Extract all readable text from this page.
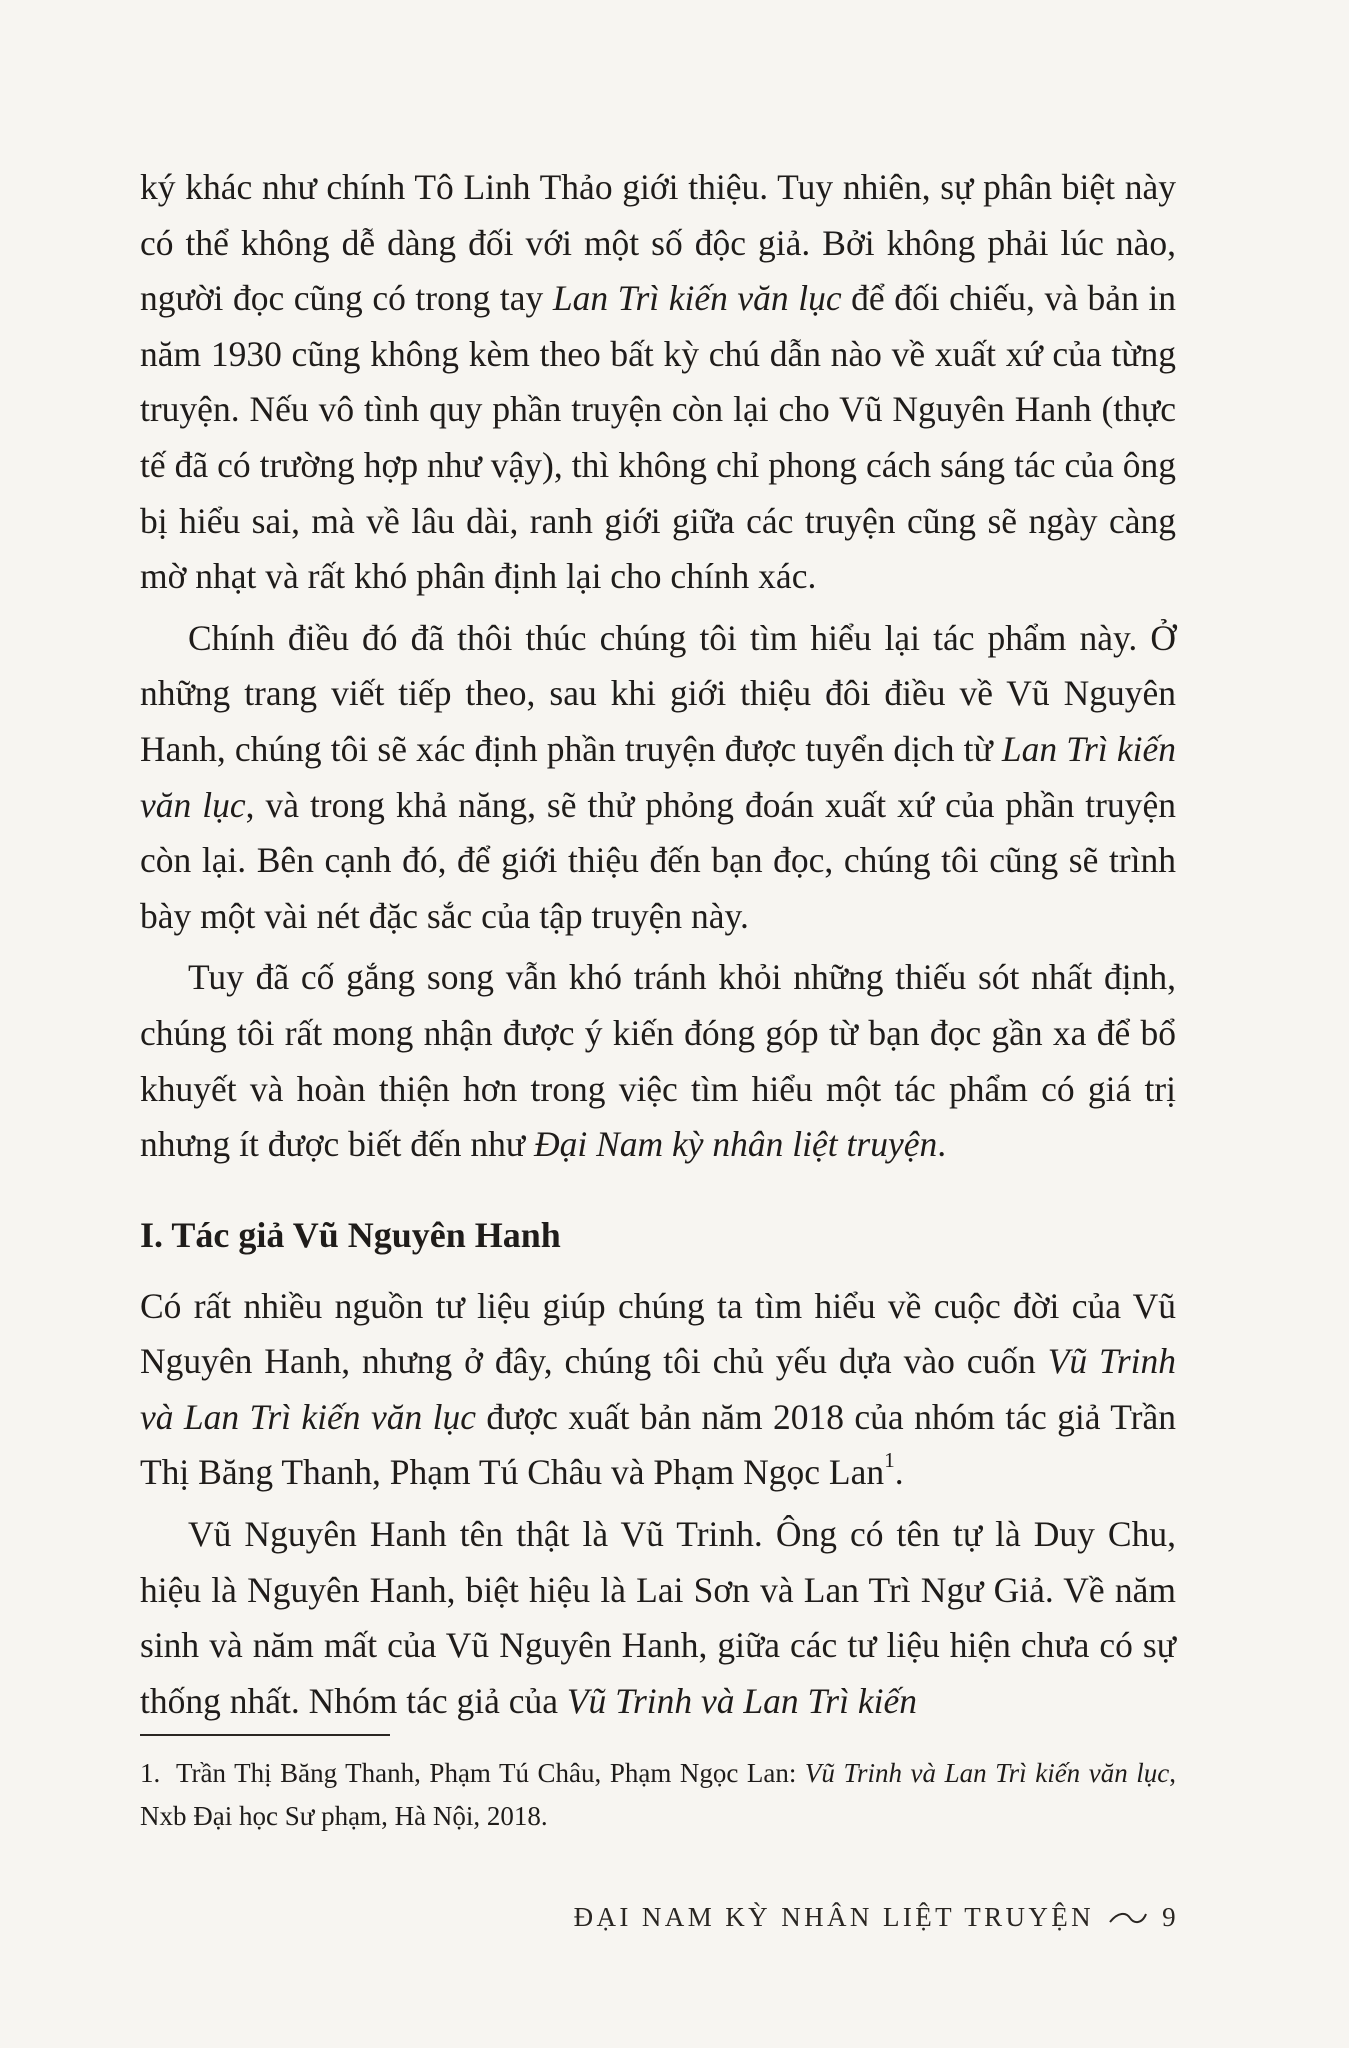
ký khác như chính Tô Linh Thảo giới thiệu. Tuy nhiên, sự phân biệt này có thể không dễ dàng đối với một số độc giả. Bởi không phải lúc nào, người đọc cũng có trong tay Lan Trì kiến văn lục để đối chiếu, và bản in năm 1930 cũng không kèm theo bất kỳ chú dẫn nào về xuất xứ của từng truyện. Nếu vô tình quy phần truyện còn lại cho Vũ Nguyên Hanh (thực tế đã có trường hợp như vậy), thì không chỉ phong cách sáng tác của ông bị hiểu sai, mà về lâu dài, ranh giới giữa các truyện cũng sẽ ngày càng mờ nhạt và rất khó phân định lại cho chính xác.

Chính điều đó đã thôi thúc chúng tôi tìm hiểu lại tác phẩm này. Ở những trang viết tiếp theo, sau khi giới thiệu đôi điều về Vũ Nguyên Hanh, chúng tôi sẽ xác định phần truyện được tuyển dịch từ Lan Trì kiến văn lục, và trong khả năng, sẽ thử phỏng đoán xuất xứ của phần truyện còn lại. Bên cạnh đó, để giới thiệu đến bạn đọc, chúng tôi cũng sẽ trình bày một vài nét đặc sắc của tập truyện này.

Tuy đã cố gắng song vẫn khó tránh khỏi những thiếu sót nhất định, chúng tôi rất mong nhận được ý kiến đóng góp từ bạn đọc gần xa để bổ khuyết và hoàn thiện hơn trong việc tìm hiểu một tác phẩm có giá trị nhưng ít được biết đến như Đại Nam kỳ nhân liệt truyện.

I. Tác giả Vũ Nguyên Hanh

Có rất nhiều nguồn tư liệu giúp chúng ta tìm hiểu về cuộc đời của Vũ Nguyên Hanh, nhưng ở đây, chúng tôi chủ yếu dựa vào cuốn Vũ Trinh và Lan Trì kiến văn lục được xuất bản năm 2018 của nhóm tác giả Trần Thị Băng Thanh, Phạm Tú Châu và Phạm Ngọc Lan$^1$.

Vũ Nguyên Hanh tên thật là Vũ Trinh. Ông có tên tự là Duy Chu, hiệu là Nguyên Hanh, biệt hiệu là Lai Sơn và Lan Trì Ngư Giả. Về năm sinh và năm mất của Vũ Nguyên Hanh, giữa các tư liệu hiện chưa có sự thống nhất. Nhóm tác giả của Vũ Trinh và Lan Trì kiến

1. Trần Thị Băng Thanh, Phạm Tú Châu, Phạm Ngọc Lan: Vũ Trinh và Lan Trì kiến văn lục, Nxb Đại học Sư phạm, Hà Nội, 2018.
ĐẠI NAM KỲ NHÂN LIỆT TRUYỆN	9
